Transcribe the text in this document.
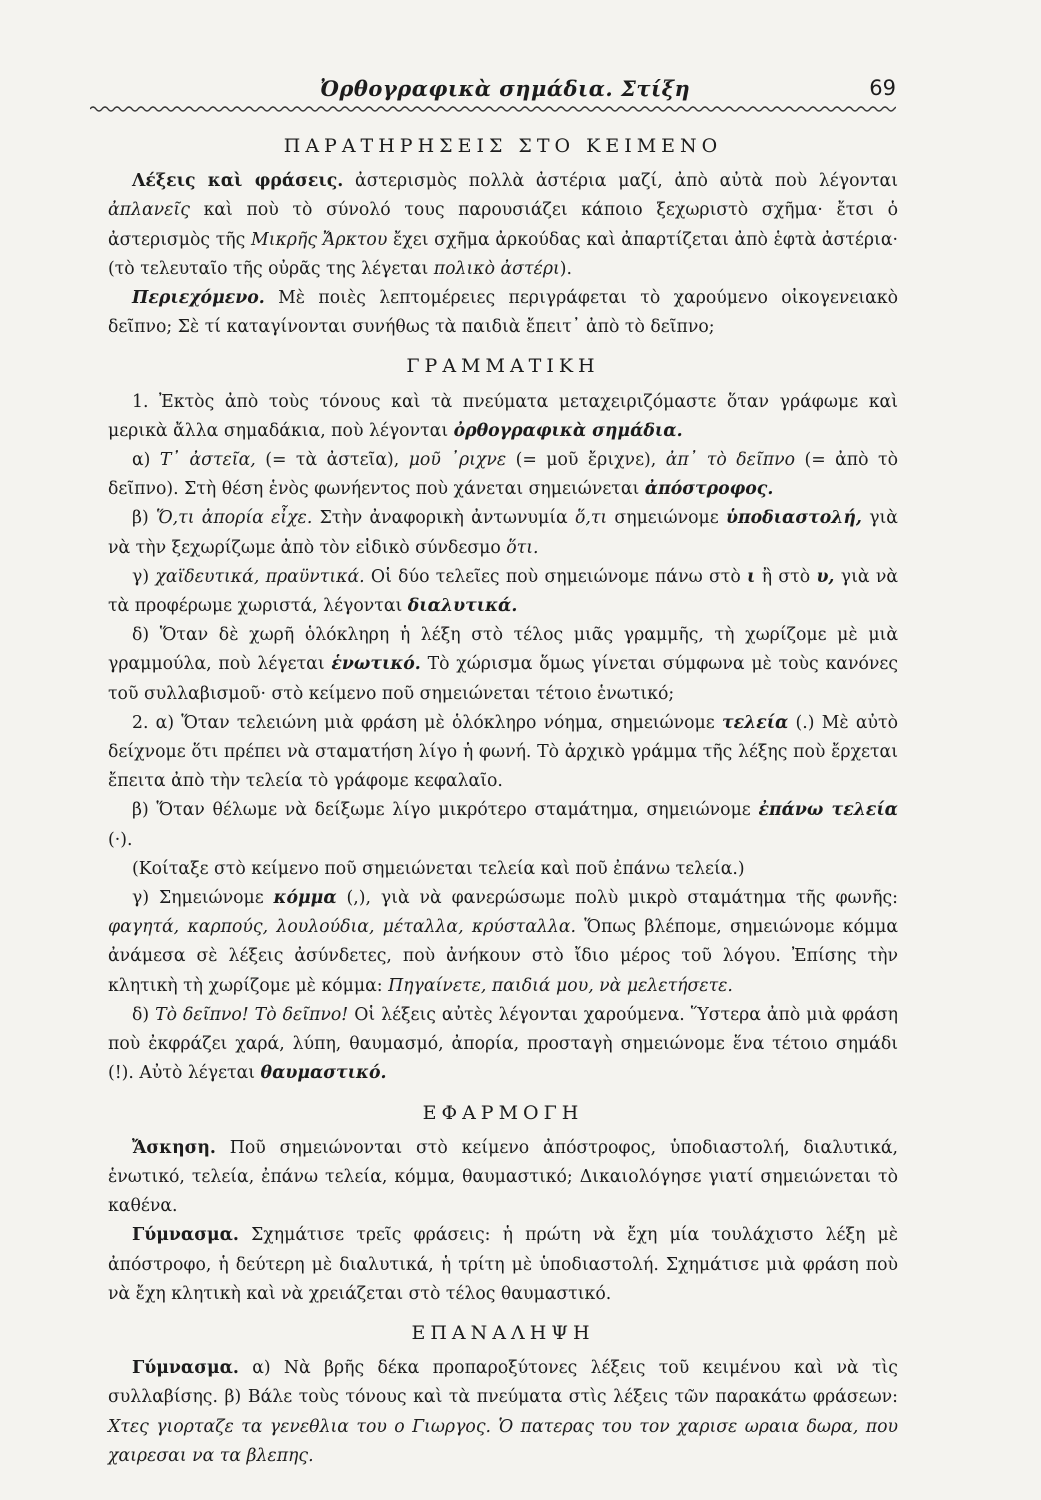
Ὀρθογραφικὰ σημάδια. Στίξη	69
ΠΑΡΑΤΗΡΗΣΕΙΣ ΣΤΟ ΚΕΙΜΕΝΟ

Λέξεις καὶ φράσεις. ἀστερισμὸς πολλὰ ἀστέρια μαζί, ἀπὸ αὐτὰ ποὺ λέγονται ἀπλανεῖς καὶ ποὺ τὸ σύνολό τους παρουσιάζει κάποιο ξεχωριστὸ σχῆμα· ἔτσι ὁ ἀστερισμὸς τῆς Μικρῆς Ἄρκτου ἔχει σχῆμα ἀρκούδας καὶ ἀπαρτίζεται ἀπὸ ἑφτὰ ἀστέρια· (τὸ τελευταῖο τῆς οὐρᾶς της λέγεται πολικὸ ἀστέρι).

Περιεχόμενο. Μὲ ποιὲς λεπτομέρειες περιγράφεται τὸ χαρούμενο οἰκογενειακὸ δεῖπνο; Σὲ τί καταγίνονται συνήθως τὰ παιδιὰ ἔπειτ᾽ ἀπὸ τὸ δεῖπνο;

ΓΡΑΜΜΑΤΙΚΗ

1. Ἐκτὸς ἀπὸ τοὺς τόνους καὶ τὰ πνεύματα μεταχειριζόμαστε ὅταν γράφωμε καὶ μερικὰ ἄλλα σημαδάκια, ποὺ λέγονται ὀρθογραφικὰ σημάδια.

α) Τ᾽ ἀστεῖα, (= τὰ ἀστεῖα), μοῦ ᾽ριχνε (= μοῦ ἔριχνε), ἀπ᾽ τὸ δεῖπνο (= ἀπὸ τὸ δεῖπνο). Στὴ θέση ἑνὸς φωνήεντος ποὺ χάνεται σημειώνεται ἀπόστροφος.

β) Ὅ,τι ἀπορία εἶχε. Στὴν ἀναφορικὴ ἀντωνυμία ὅ,τι σημειώνομε ὑποδιαστολή, γιὰ νὰ τὴν ξεχωρίζωμε ἀπὸ τὸν εἰδικὸ σύνδεσμο ὅτι.

γ) χαϊδευτικά, πραϋντικά. Οἱ δύο τελεῖες ποὺ σημειώνομε πάνω στὸ ι ἢ στὸ υ, γιὰ νὰ τὰ προφέρωμε χωριστά, λέγονται διαλυτικά.

δ) Ὅταν δὲ χωρῆ ὁλόκληρη ἡ λέξη στὸ τέλος μιᾶς γραμμῆς, τὴ χωρίζομε μὲ μιὰ γραμμούλα, ποὺ λέγεται ἑνωτικό. Τὸ χώρισμα ὅμως γίνεται σύμφωνα μὲ τοὺς κανόνες τοῦ συλλαβισμοῦ· στὸ κείμενο ποῦ σημειώνεται τέτοιο ἑνωτικό;

2. α) Ὅταν τελειώνη μιὰ φράση μὲ ὁλόκληρο νόημα, σημειώνομε τελεία (.) Μὲ αὐτὸ δείχνομε ὅτι πρέπει νὰ σταματήση λίγο ἡ φωνή. Τὸ ἀρχικὸ γράμμα τῆς λέξης ποὺ ἔρχεται ἔπειτα ἀπὸ τὴν τελεία τὸ γράφομε κεφαλαῖο.

β) Ὅταν θέλωμε νὰ δείξωμε λίγο μικρότερο σταμάτημα, σημειώνομε ἐπάνω τελεία (·).

(Κοίταξε στὸ κείμενο ποῦ σημειώνεται τελεία καὶ ποῦ ἐπάνω τελεία.)

γ) Σημειώνομε κόμμα (,), γιὰ νὰ φανερώσωμε πολὺ μικρὸ σταμάτημα τῆς φωνῆς: φαγητά, καρπούς, λουλούδια, μέταλλα, κρύσταλλα. Ὅπως βλέπομε, σημειώνομε κόμμα ἀνάμεσα σὲ λέξεις ἀσύνδετες, ποὺ ἀνήκουν στὸ ἴδιο μέρος τοῦ λόγου. Ἐπίσης τὴν κλητικὴ τὴ χωρίζομε μὲ κόμμα: Πηγαίνετε, παιδιά μου, νὰ μελετήσετε.

δ) Τὸ δεῖπνο! Τὸ δεῖπνο! Οἱ λέξεις αὐτὲς λέγονται χαρούμενα. Ὕστερα ἀπὸ μιὰ φράση ποὺ ἐκφράζει χαρά, λύπη, θαυμασμό, ἀπορία, προσταγὴ σημειώνομε ἕνα τέτοιο σημάδι (!). Αὐτὸ λέγεται θαυμαστικό.

ΕΦΑΡΜΟΓΗ

Ἄσκηση. Ποῦ σημειώνονται στὸ κείμενο ἀπόστροφος, ὑποδιαστολή, διαλυτικά, ἑνωτικό, τελεία, ἐπάνω τελεία, κόμμα, θαυμαστικό; Δικαιολόγησε γιατί σημειώνεται τὸ καθένα.

Γύμνασμα. Σχημάτισε τρεῖς φράσεις: ἡ πρώτη νὰ ἔχη μία τουλάχιστο λέξη μὲ ἀπόστροφο, ἡ δεύτερη μὲ διαλυτικά, ἡ τρίτη μὲ ὑποδιαστολή. Σχημάτισε μιὰ φράση ποὺ νὰ ἔχη κλητικὴ καὶ νὰ χρειάζεται στὸ τέλος θαυμαστικό.

ΕΠΑΝΑΛΗΨΗ

Γύμνασμα. α) Νὰ βρῆς δέκα προπαροξύτονες λέξεις τοῦ κειμένου καὶ νὰ τὶς συλλαβίσης. β) Βάλε τοὺς τόνους καὶ τὰ πνεύματα στὶς λέξεις τῶν παρακάτω φράσεων: Χτες γιορταζε τα γενεθλια του ο Γιωργος. Ὁ πατερας του τον χαρισε ωραια δωρα, που χαιρεσαι να τα βλεπης.
